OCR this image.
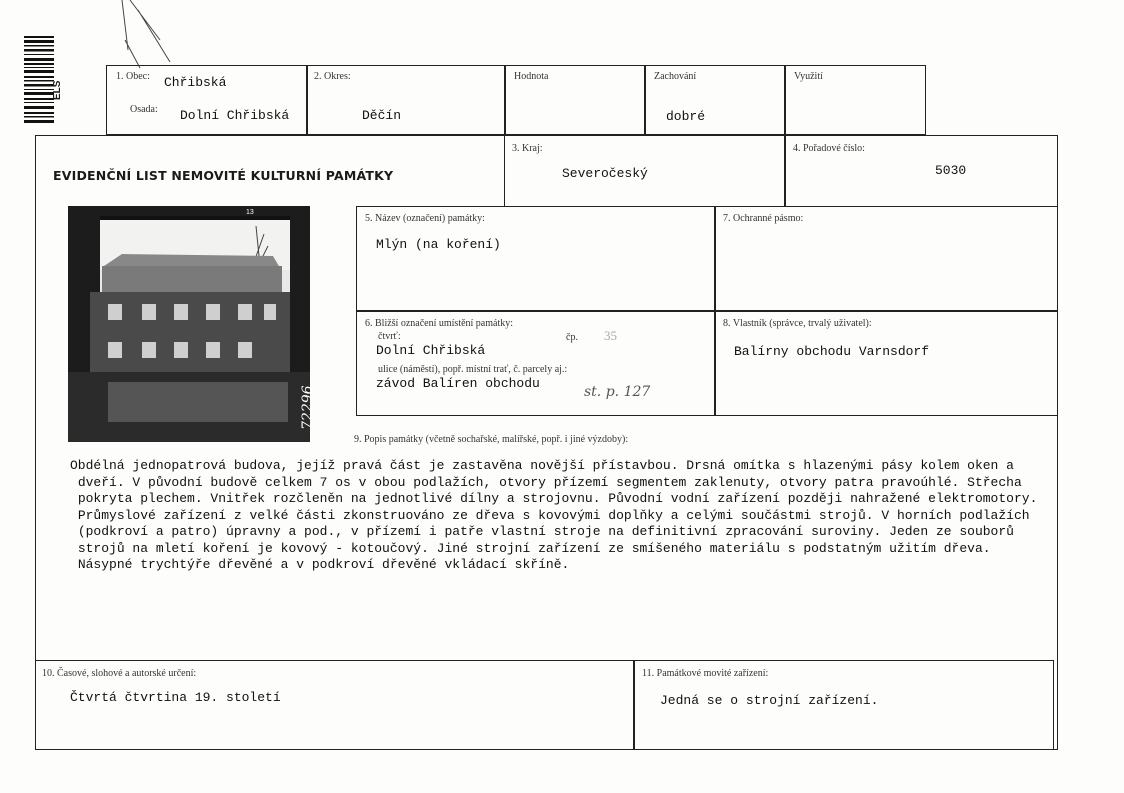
ELS
1. Obec: Chřibská
Osada: Dolní Chřibská
2. Okres:
Děčín
Hodnota	Zachování
dobré
Využití
EVIDENČNÍ LIST NEMOVITÉ KULTURNÍ PAMÁTKY
3. Kraj:
Severočeský
4. Pořadové číslo:
5030
72296
13
5. Název (označení) památky:
Mlýn (na koření)
7. Ochranné pásmo:
6. Bližší označení umístění památky:
čtvrť:
Dolní Chřibská
čp. 35
ulice (náměstí), popř. místní trať, č. parcely aj.:
závod Balíren obchodu
st. p. 127
8. Vlastník (správce, trvalý uživatel):
Balírny obchodu Varnsdorf
9. Popis památky (včetně sochařské, malířské, popř. i jiné výzdoby):
Obdélná jednopatrová budova, jejíž pravá část je zastavěna novější přístavbou. Drsná omítka s hlazenými pásy kolem oken a
dveří. V původní budově celkem 7 os v obou podlažích, otvory přízemí segmentem zaklenuty, otvory patra pravoúhlé. Střecha
pokryta plechem. Vnitřek rozčleněn na jednotlivé dílny a strojovnu. Původní vodní zařízení později nahražené elektromotory.
Průmyslové zařízení z velké části zkonstruováno ze dřeva s kovovými doplňky a celými součástmi strojů. V horních podlažích
(podkroví a patro) úpravny a pod., v přízemí i patře vlastní stroje na definitivní zpracování suroviny. Jeden ze souborů
strojů na mletí koření je kovový - kotoučový. Jiné strojní zařízení ze smíšeného materiálu s podstatným užitím dřeva.
Násypné trychtýře dřevěné a v podkroví dřevěné vkládací skříně.
10. Časové, slohové a autorské určení:
Čtvrtá čtvrtina 19. století
11. Památkové movité zařízení:
Jedná se o strojní zařízení.
